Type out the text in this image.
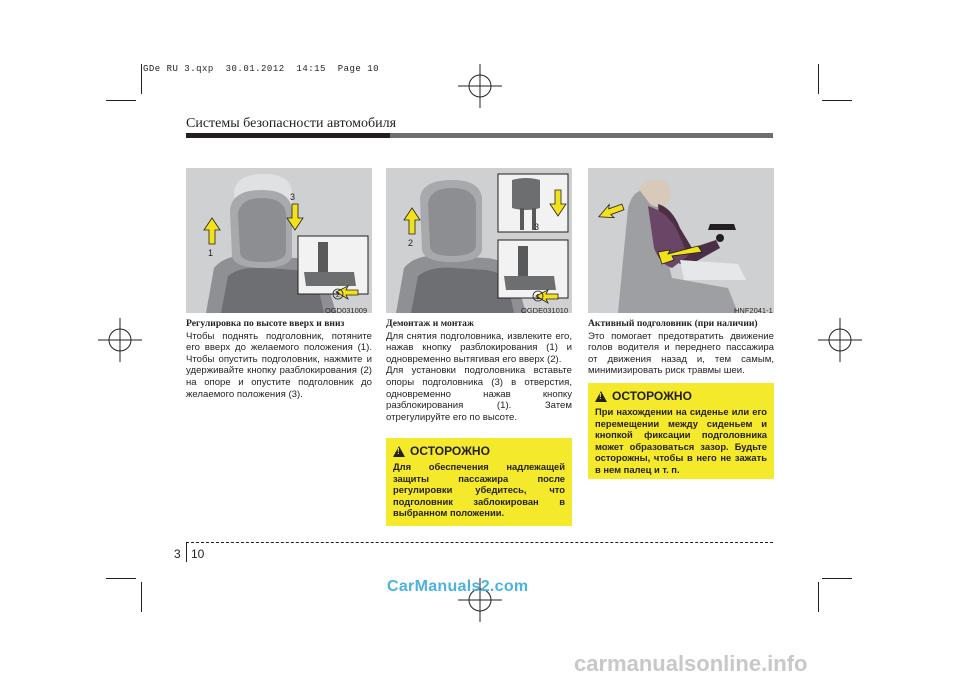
GDe RU 3.qxp  30.01.2012  14:15  Page 10
Системы безопасности автомобиля
1
3
2
OGD031009

Регулировка по высоте вверх и вниз

Чтобы поднять подголовник, потяните его вверх до желаемого положения (1). Чтобы опустить подголовник, нажмите и удерживайте кнопку разблокирования (2) на опоре и опустите подголовник до желаемого положения (3).

2
3
1
OGDE031010

Демонтаж и монтаж

Для снятия подголовника, извлеките его, нажав кнопку разблокирования (1) и одновременно вытягивая его вверх (2).

Для установки подголовника вставьте опоры подголовника (3) в отверстия, одновременно нажав кнопку разблокирования (1). Затем отрегулируйте его по высоте.

!
ОСТОРОЖНО
Для обеспечения надлежащей защиты пассажира после регулировки убедитесь, что подголовник заблокирован в выбранном положении.
HNF2041-1

Активный подголовник (при наличии)

Это помогает предотвратить движение голов водителя и переднего пассажира от движения назад и, тем самым, минимизировать риск травмы шеи.

!
ОСТОРОЖНО
При нахождении на сиденье или его перемещении между сиденьем и кнопкой фиксации подголовника может образоваться зазор. Будьте осторожны, чтобы в него не зажать в нем палец и т. п.
3 10
CarManuals2.com
carmanualsonline.info
